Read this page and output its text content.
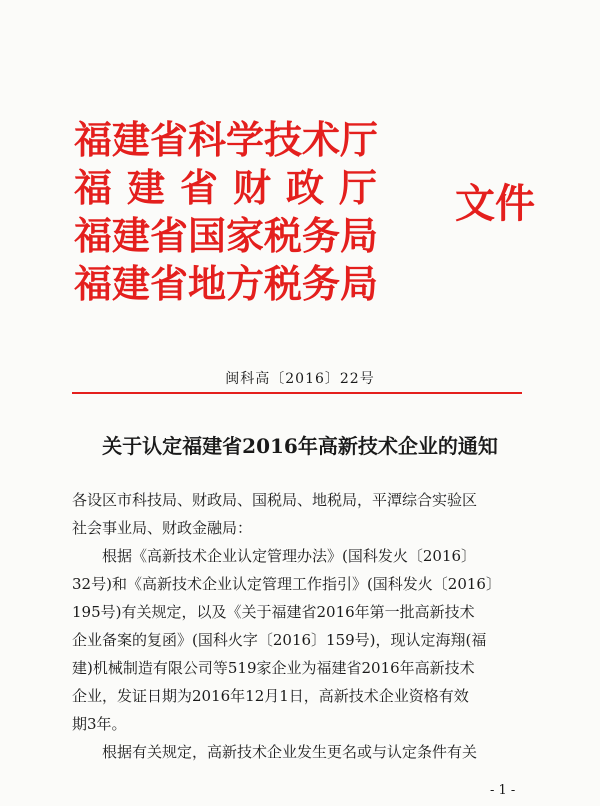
福建省科学技术厅
福建省财政厅
福建省国家税务局
福建省地方税务局
文件
闽科高〔2016〕22号
关于认定福建省2016年高新技术企业的通知

各设区市科技局、财政局、国税局、地税局，平潭综合实验区

社会事业局、财政金融局：

根据《高新技术企业认定管理办法》(国科发火〔2016〕

32号)和《高新技术企业认定管理工作指引》(国科发火〔2016〕

195号)有关规定，以及《关于福建省2016年第一批高新技术

企业备案的复函》(国科火字〔2016〕159号)，现认定海翔(福

建)机械制造有限公司等519家企业为福建省2016年高新技术

企业，发证日期为2016年12月1日，高新技术企业资格有效

期3年。

根据有关规定，高新技术企业发生更名或与认定条件有关

- 1 -
